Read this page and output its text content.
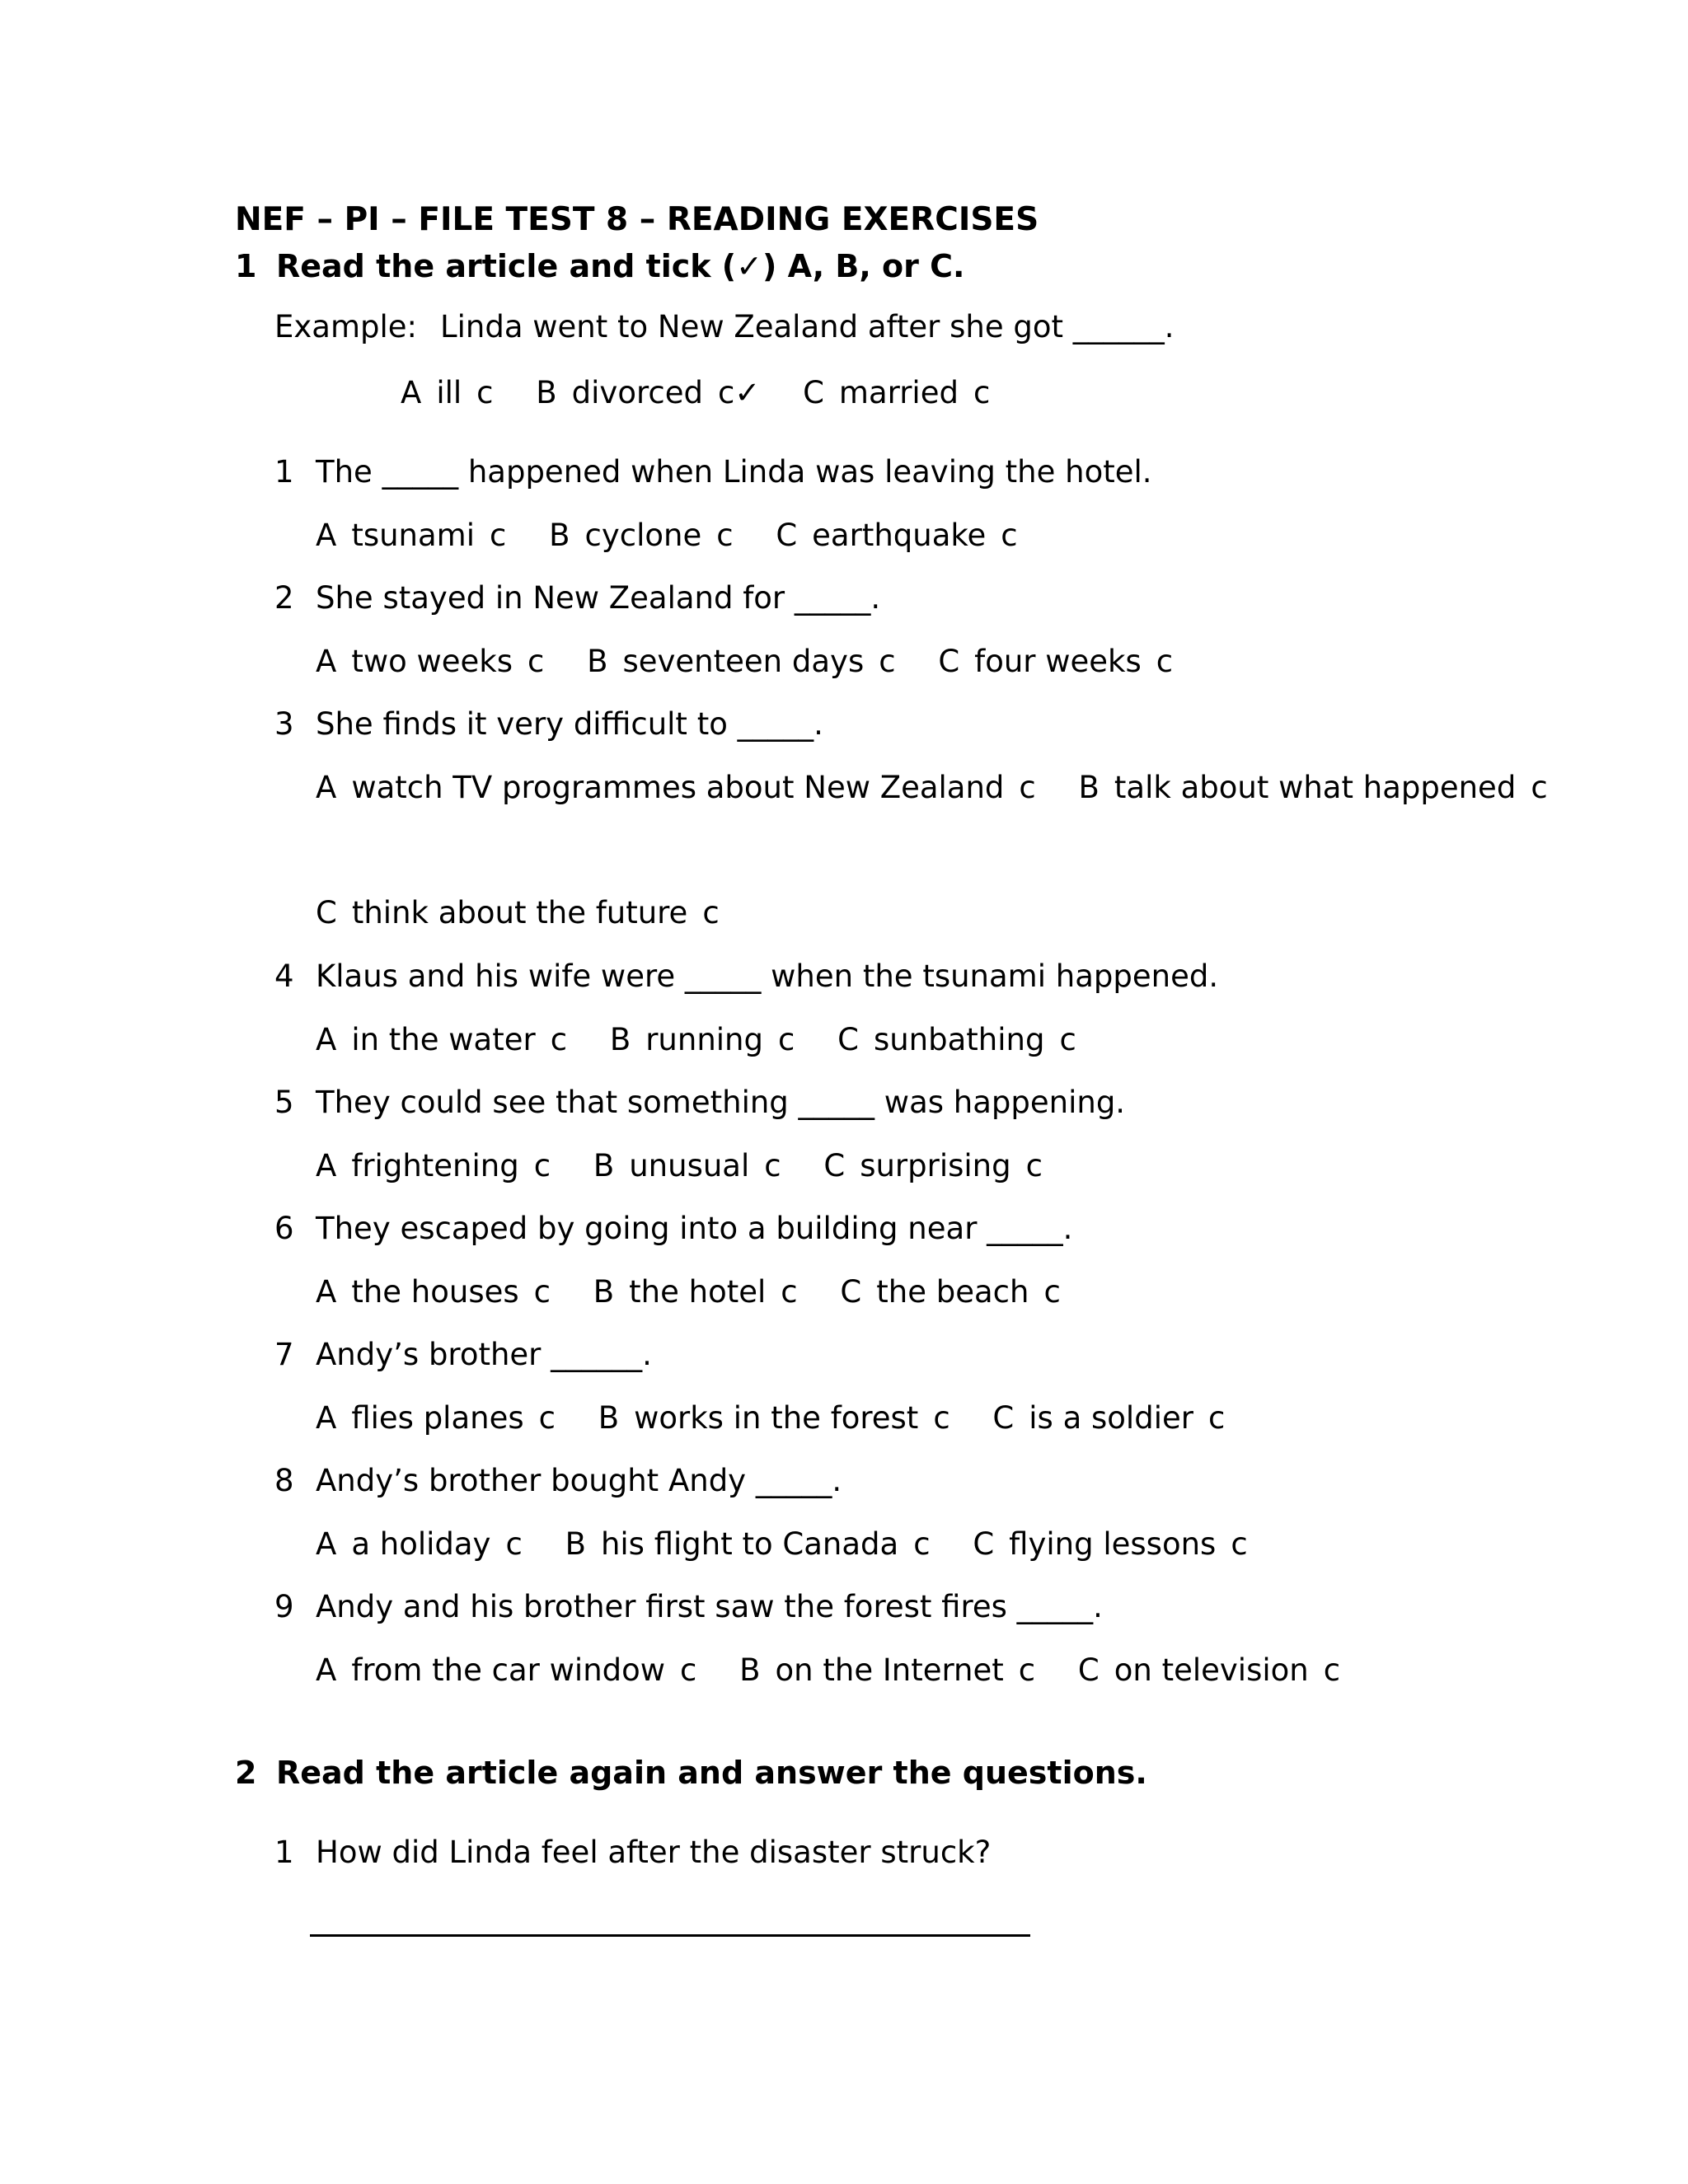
NEF – PI – FILE TEST 8 – READING EXERCISES
1 Read the article and tick (✓) A, B, or C.
Example: Linda went to New Zealand after she got ______.
A ill c B divorced c✓ C married c
1 The _____ happened when Linda was leaving the hotel.
A tsunami c B cyclone c C earthquake c
2 She stayed in New Zealand for _____.
A two weeks c B seventeen days c C four weeks c
3 She finds it very difficult to _____.
A watch TV programmes about New Zealand c B talk about what happened c
C think about the future c
4 Klaus and his wife were _____ when the tsunami happened.
A in the water c B running c C sunbathing c
5 They could see that something _____ was happening.
A frightening c B unusual c C surprising c
6 They escaped by going into a building near _____.
A the houses c B the hotel c C the beach c
7 Andy’s brother ______.
A flies planes c B works in the forest c C is a soldier c
8 Andy’s brother bought Andy _____.
A a holiday c B his flight to Canada c C flying lessons c
9 Andy and his brother first saw the forest fires _____.
A from the car window c B on the Internet c C on television c
2 Read the article again and answer the questions.
1 How did Linda feel after the disaster struck?
